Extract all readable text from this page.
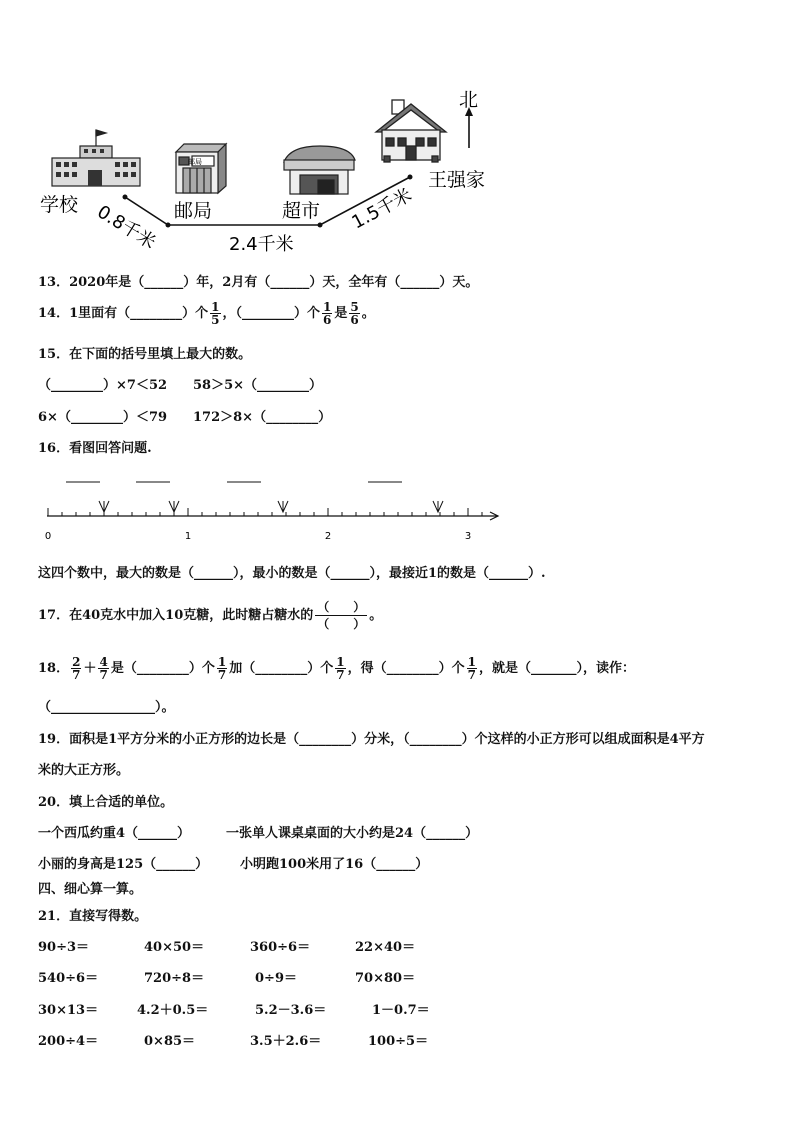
学校
邮局
邮局	超市
王强家
北
0.8千米	2.4千米
1.5千米
13．2020年是（______）年，2月有（______）天，全年有（______）天。
14．1里面有（________）个 $\frac{1}{5}$ ，（________）个 $\frac{1}{6}$ 是 $\frac{5}{6}$ 。
15．在下面的括号里填上最大的数。
（________）×7＜52 58＞5×（________）
6×（________）＜79 172＞8×（________）
16．看图回答问题.
0	1	2	3
这四个数中，最大的数是（______），最小的数是（______），最接近1的数是（______）.
17．在40克水中加入10克糖，此时糖占糖水的 $\frac{( )}{( )}$ 。
18． $\frac{2}{7} + \frac{4}{7}$ 是（________）个 $\frac{1}{7}$ 加（________）个 $\frac{1}{7}$ ，得（________）个 $\frac{1}{7}$ ，就是（_______），读作：
（________________）。
19．面积是1平方分米的小正方形的边长是（________）分米，（________）个这样的小正方形可以组成面积是4平方
米的大正方形。
20．填上合适的单位。
一个西瓜约重4（______）	一张单人课桌桌面的大小约是24（______）
小丽的身高是125（______） 小明跑100米用了16（______）
四、细心算一算。
21．直接写得数。
90÷3＝	40×50＝	360÷6＝	22×40＝
540÷6＝	720÷8＝	0÷9＝	70×80＝
30×13＝	4.2＋0.5＝	5.2－3.6＝	1－0.7＝
200÷4＝	0×85＝	3.5＋2.6＝	100÷5＝
